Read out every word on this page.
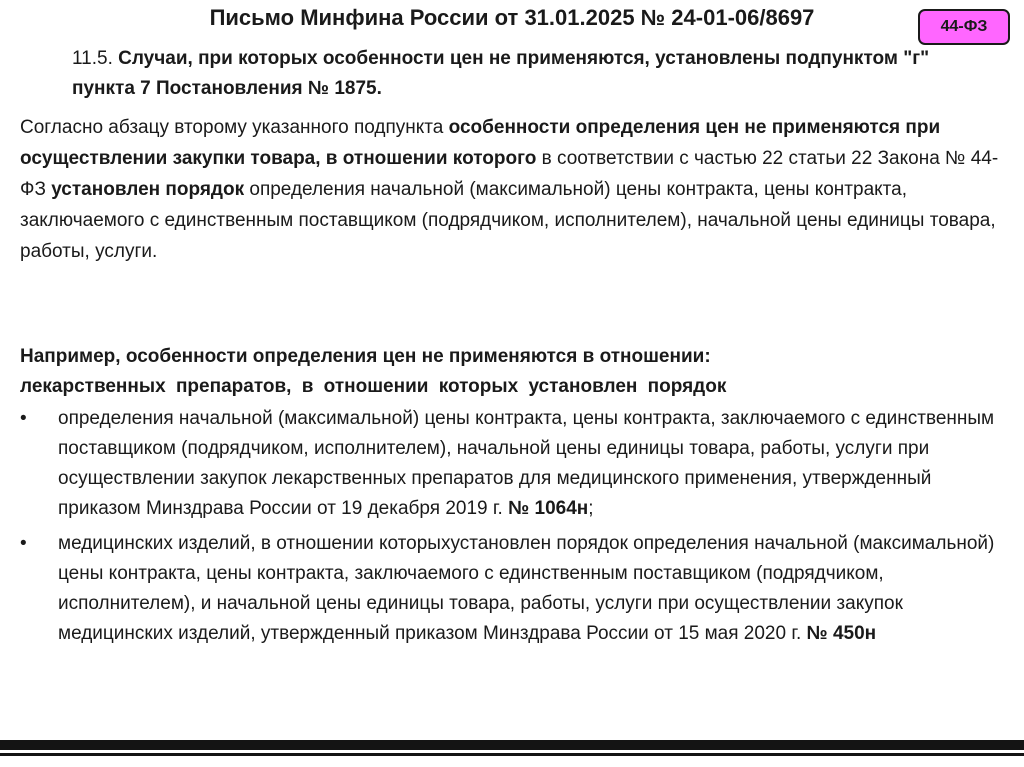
Письмо Минфина России от 31.01.2025 № 24-01-06/8697	44-ФЗ
11.5. Случаи, при которых особенности цен не применяются, установлены подпунктом "г" пункта 7 Постановления № 1875.
Согласно абзацу второму указанного подпункта особенности определения цен не применяются при осуществлении закупки товара, в отношении которого в соответствии с частью 22 статьи 22 Закона № 44-ФЗ установлен порядок определения начальной (максимальной) цены контракта, цены контракта, заключаемого с единственным поставщиком (подрядчиком, исполнителем), начальной цены единицы товара, работы, услуги.
Например, особенности определения цен не применяются в отношении:
лекарственных препаратов, в отношении которых установлен порядок
• определения начальной (максимальной) цены контракта, цены контракта, заключаемого с единственным поставщиком (подрядчиком, исполнителем), начальной цены единицы товара, работы, услуги при осуществлении закупок лекарственных препаратов для медицинского применения, утвержденный приказом Минздрава России от 19 декабря 2019 г. № 1064н;
• медицинских изделий, в отношении которыхустановлен порядок определения начальной (максимальной) цены контракта, цены контракта, заключаемого с единственным поставщиком (подрядчиком, исполнителем), и начальной цены единицы товара, работы, услуги при осуществлении закупок медицинских изделий, утвержденный приказом Минздрава России от 15 мая 2020 г. № 450н
